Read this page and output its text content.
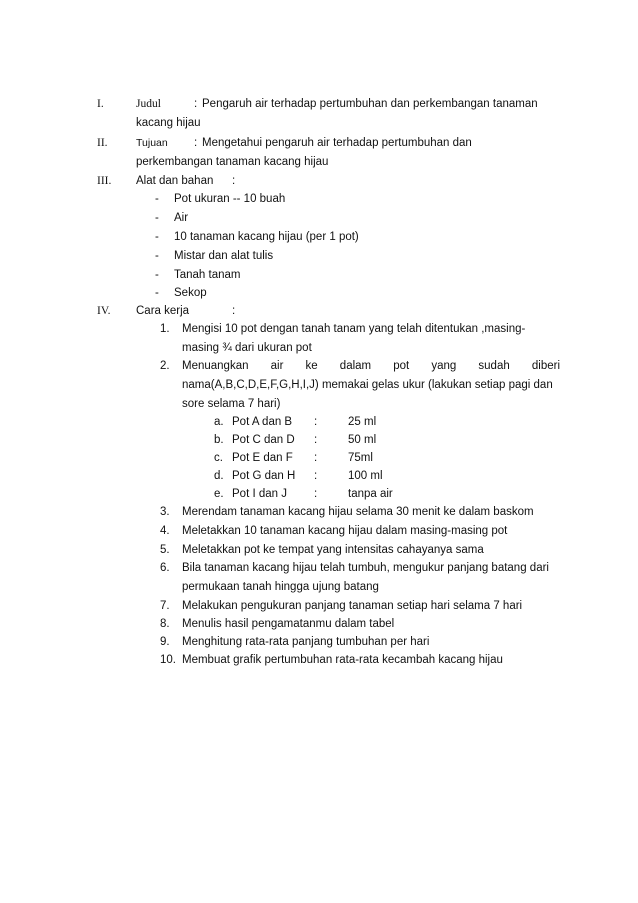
I.	Judul	: Pengaruh air terhadap pertumbuhan dan perkembangan tanaman
kacang hijau
II.	Tujuan : Mengetahui pengaruh air terhadap pertumbuhan dan
perkembangan tanaman kacang hijau
III. Alat dan bahan :
- Pot ukuran -- 10 buah
- Air
- 10 tanaman kacang hijau (per 1 pot)
- Mistar dan alat tulis
- Tanah tanam
- Sekop
IV. Cara kerja	:
1. Mengisi 10 pot dengan tanah tanam yang telah ditentukan ,masing-
masing ¾ dari ukuran pot
2. Menuangkan air ke dalam pot yang sudah diberi
nama(A,B,C,D,E,F,G,H,I,J) memakai gelas ukur (lakukan setiap pagi dan
sore selama 7 hari)
a. Pot A dan B :	25 ml
b. Pot C dan D :	50 ml
c. Pot E dan F :	75ml
d. Pot G dan H :	100 ml
e. Pot I dan J :	tanpa air
3. Merendam tanaman kacang hijau selama 30 menit ke dalam baskom
4. Meletakkan 10 tanaman kacang hijau dalam masing-masing pot
5. Meletakkan pot ke tempat yang intensitas cahayanya sama
6. Bila tanaman kacang hijau telah tumbuh, mengukur panjang batang dari
permukaan tanah hingga ujung batang
7. Melakukan pengukuran panjang tanaman setiap hari selama 7 hari
8. Menulis hasil pengamatanmu dalam tabel
9. Menghitung rata-rata panjang tumbuhan per hari
10. Membuat grafik pertumbuhan rata-rata kecambah kacang hijau
